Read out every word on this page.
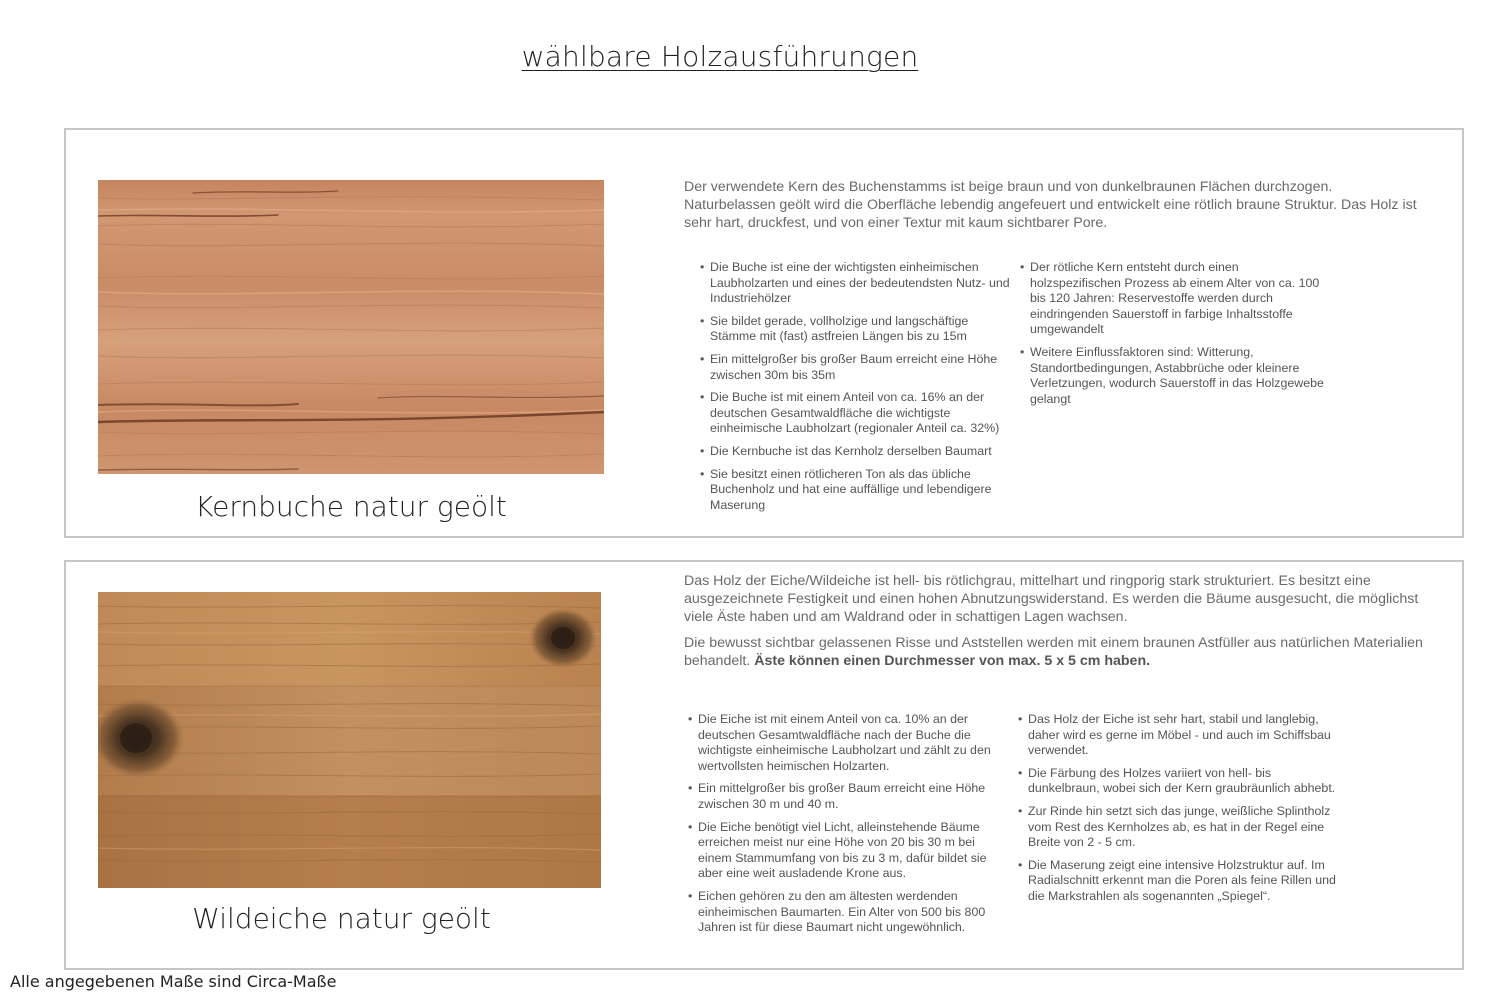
wählbare Holzausführungen
Kernbuche natur geölt

Der verwendete Kern des Buchenstamms ist beige braun und von dunkelbraunen Flächen durchzogen. Naturbelassen geölt wird die Oberfläche lebendig angefeuert und entwickelt eine rötlich braune Struktur. Das Holz ist sehr hart, druckfest, und von einer Textur mit kaum sichtbarer Pore.

• Die Buche ist eine der wichtigsten einheimischen Laubholzarten und eines der bedeutendsten Nutz- und Industriehölzer
• Sie bildet gerade, vollholzige und langschäftige Stämme mit (fast) astfreien Längen bis zu 15m
• Ein mittelgroßer bis großer Baum erreicht eine Höhe zwischen 30m bis 35m
• Die Buche ist mit einem Anteil von ca. 16% an der deutschen Gesamtwaldfläche die wichtigste einheimische Laubholzart (regionaler Anteil ca. 32%)
• Die Kernbuche ist das Kernholz derselben Baumart
• Sie besitzt einen rötlicheren Ton als das übliche Buchenholz und hat eine auffällige und lebendigere Maserung
• Der rötliche Kern entsteht durch einen holzspezifischen Prozess ab einem Alter von ca. 100 bis 120 Jahren: Reservestoffe werden durch eindringenden Sauerstoff in farbige Inhaltsstoffe umgewandelt
• Weitere Einflussfaktoren sind: Witterung, Standortbedingungen, Astabbrüche oder kleinere Verletzungen, wodurch Sauerstoff in das Holzgewebe gelangt
Wildeiche natur geölt

Das Holz der Eiche/Wildeiche ist hell- bis rötlichgrau, mittelhart und ringporig stark strukturiert. Es besitzt eine ausgezeichnete Festigkeit und einen hohen Abnutzungswiderstand. Es werden die Bäume ausgesucht, die möglichst viele Äste haben und am Waldrand oder in schattigen Lagen wachsen.

Die bewusst sichtbar gelassenen Risse und Aststellen werden mit einem braunen Astfüller aus natürlichen Materialien behandelt. Äste können einen Durchmesser von max. 5 x 5 cm haben.

• Die Eiche ist mit einem Anteil von ca. 10% an der deutschen Gesamtwaldfläche nach der Buche die wichtigste einheimische Laubholzart und zählt zu den wertvollsten heimischen Holzarten.
• Ein mittelgroßer bis großer Baum erreicht eine Höhe zwischen 30 m und 40 m.
• Die Eiche benötigt viel Licht, alleinstehende Bäume erreichen meist nur eine Höhe von 20 bis 30 m bei einem Stammumfang von bis zu 3 m, dafür bildet sie aber eine weit ausladende Krone aus.
• Eichen gehören zu den am ältesten werdenden einheimischen Baumarten. Ein Alter von 500 bis 800 Jahren ist für diese Baumart nicht ungewöhnlich.
• Das Holz der Eiche ist sehr hart, stabil und langlebig, daher wird es gerne im Möbel - und auch im Schiffsbau verwendet.
• Die Färbung des Holzes variiert von hell- bis dunkelbraun, wobei sich der Kern graubräunlich abhebt.
• Zur Rinde hin setzt sich das junge, weißliche Splintholz vom Rest des Kernholzes ab, es hat in der Regel eine Breite von 2 - 5 cm.
• Die Maserung zeigt eine intensive Holzstruktur auf. Im Radialschnitt erkennt man die Poren als feine Rillen und die Markstrahlen als sogenannten „Spiegel“.
Alle angegebenen Maße sind Circa-Maße
